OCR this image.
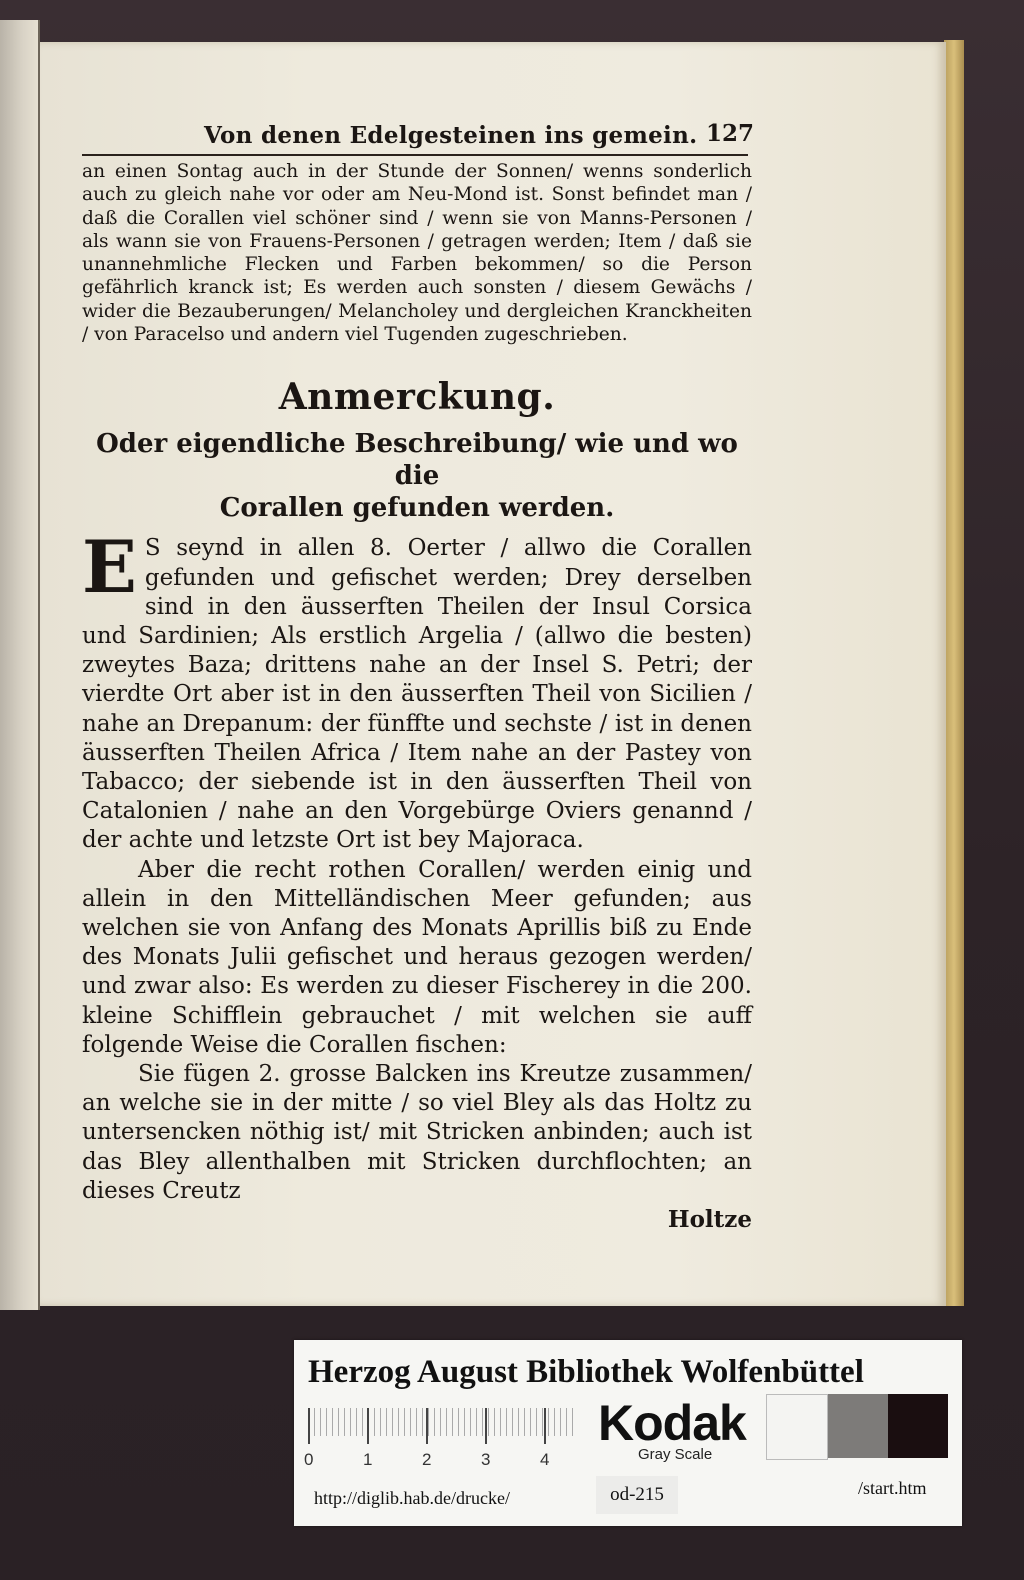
Von denen Edelgesteinen ins gemein. 127

an einen Sontag auch in der Stunde der Sonnen/ wenns sonderlich auch zu gleich nahe vor oder am Neu-Mond ist. Sonst befindet man / daß die Corallen viel schöner sind / wenn sie von Manns-Personen / als wann sie von Frauens-Personen / getragen werden; Item / daß sie unannehmliche Flecken und Farben bekommen/ so die Person gefährlich kranck ist; Es werden auch sonsten / diesem Gewächs / wider die Bezauberungen/ Melancholey und dergleichen Kranckheiten / von Paracelso und andern viel Tugenden zugeschrieben.

Anmerckung.
Oder eigendliche Beschreibung/ wie und wo die
Corallen gefunden werden.

E S seynd in allen 8. Oerter / allwo die Corallen gefunden und gefischet werden; Drey derselben sind in den äusserften Theilen der Insul Corsica und Sardinien; Als erstlich Argelia / (allwo die besten) zweytes Baza; drittens nahe an der Insel S. Petri; der vierdte Ort aber ist in den äusserften Theil von Sicilien / nahe an Drepanum: der fünffte und sechste / ist in denen äusserften Theilen Africa / Item nahe an der Pastey von Tabacco; der siebende ist in den äusserften Theil von Catalonien / nahe an den Vorgebürge Oviers genannd / der achte und letzste Ort ist bey Majoraca.

Aber die recht rothen Corallen/ werden einig und allein in den Mittelländischen Meer gefunden; aus welchen sie von Anfang des Monats Aprillis biß zu Ende des Monats Julii gefischet und heraus gezogen werden/ und zwar also: Es werden zu dieser Fischerey in die 200. kleine Schifflein gebrauchet / mit welchen sie auff folgende Weise die Corallen fischen:

Sie fügen 2. grosse Balcken ins Kreutze zusammen/ an welche sie in der mitte / so viel Bley als das Holtz zu untersencken nöthig ist/ mit Stricken anbinden; auch ist das Bley allenthalben mit Stricken durchflochten; an dieses Creutz

Holtze

Herzog August Bibliothek Wolfenbüttel
0	1	2	3	4
Kodak
Gray Scale
http://diglib.hab.de/drucke/	od-215	/start.htm
